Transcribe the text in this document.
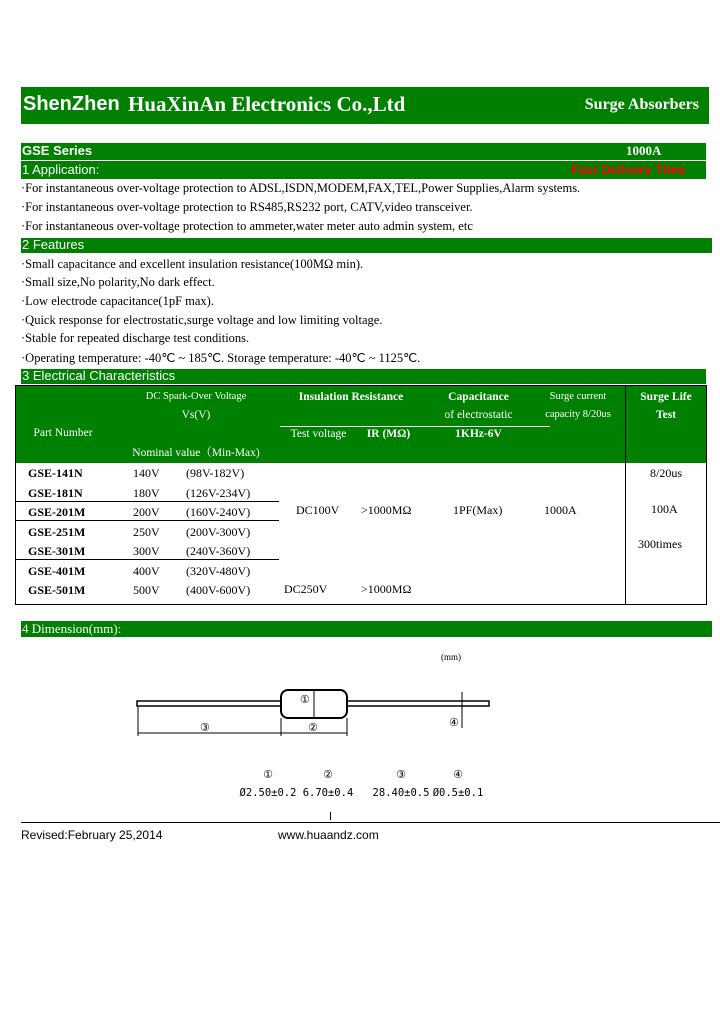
ShenZhen HuaXinAn Electronics Co.,Ltd	Surge Absorbers
GSE Series	1000A
1 Application:	Fast Delivery Time
·For instantaneous over-voltage protection to ADSL,ISDN,MODEM,FAX,TEL,Power Supplies,Alarm systems.
·For instantaneous over-voltage protection to RS485,RS232 port, CATV,video transceiver.
·For instantaneous over-voltage protection to ammeter,water meter auto admin system, etc
2 Features
·Small capacitance and excellent insulation resistance(100MΩ min).
·Small size,No polarity,No dark effect.
·Low electrode capacitance(1pF max).
·Quick response for electrostatic,surge voltage and low limiting voltage.
·Stable for repeated discharge test conditions.
·Operating temperature: -40℃ ~ 185℃. Storage temperature: -40℃ ~ 1125℃.
3 Electrical Characteristics
DC Spark-Over Voltage
Vs(V)
Part Number
Nominal value（Min-Max)
Insulation Resistance
Test voltage	IR (MΩ)
Capacitance
of electrostatic
1KHz-6V
Surge current
capacity 8/20us
Surge Life
Test
GSE-141N	140V (98V-182V)
GSE-181N	180V (126V-234V)
GSE-201M	200V (160V-240V)
GSE-251M	250V (200V-300V)
GSE-301M	300V (240V-360V)
GSE-401M	400V (320V-480V)
GSE-501M	500V (400V-600V)
DC100V >1000MΩ	1PF(Max)	1000A
DC250V	>1000MΩ
8/20us
100A
300times
4 Dimension(mm):
(mm)
①
③	②	④
①
Ø2.50±0.2
②
6.70±0.4
③
28.40±0.5
④
Ø0.5±0.1
Revised:February 25,2014	www.huaandz.com
